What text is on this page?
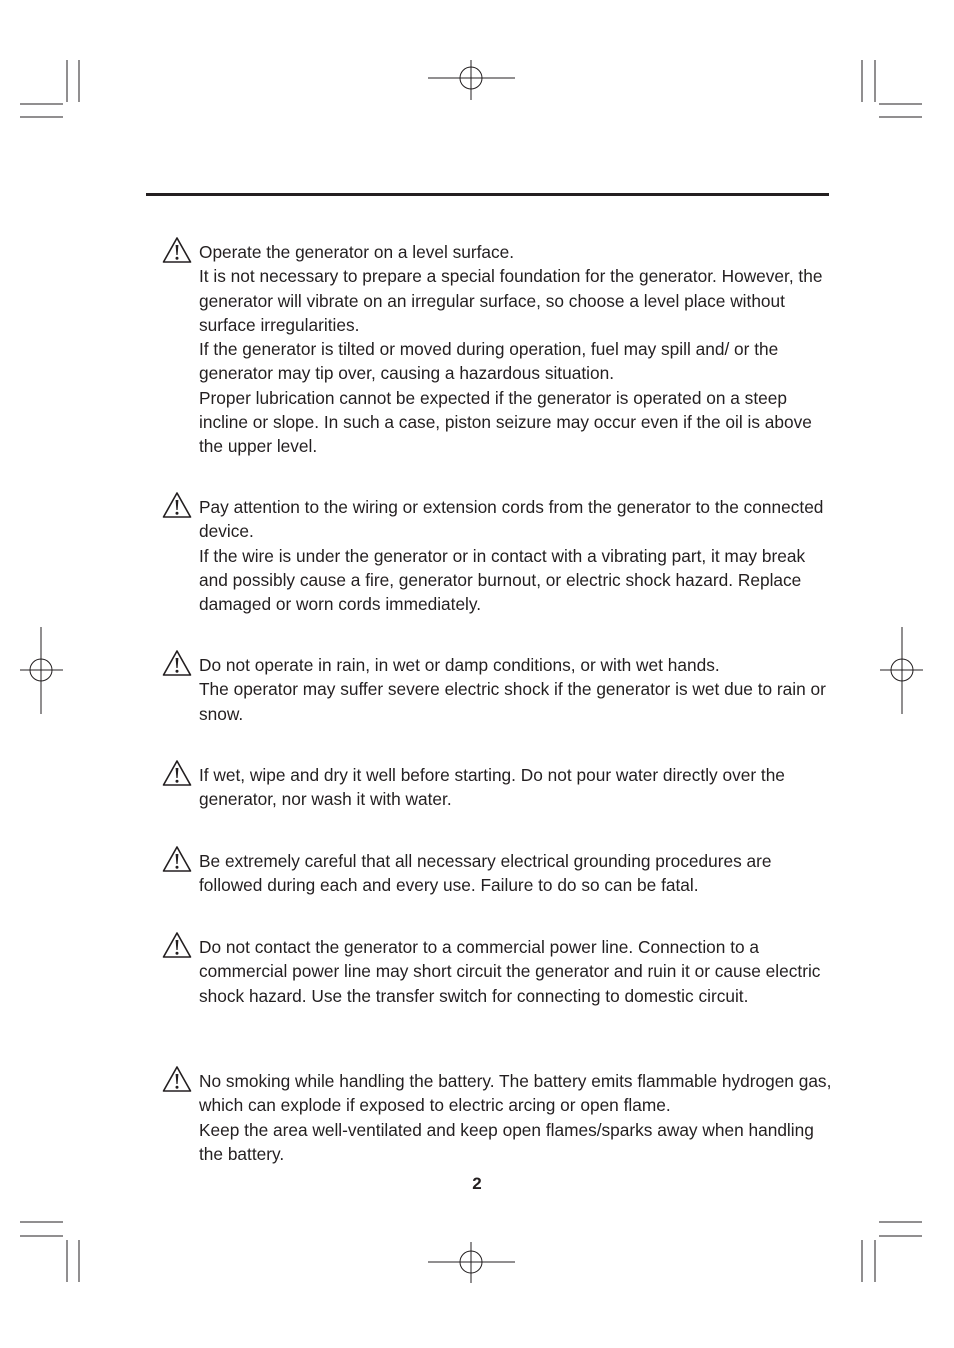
Operate the generator on a level surface.

It is not necessary to prepare a special foundation for the generator. However, the generator will vibrate on an irregular surface, so choose a level place without surface irregularities.

If the generator is tilted or moved during operation, fuel may spill and/ or the generator may tip over, causing a hazardous situation.

Proper lubrication cannot be expected if the generator is operated on a steep incline or slope. In such a case, piston seizure may occur even if the oil is above the upper level.

Pay attention to the wiring or extension cords from the generator to the connected device.

If the wire is under the generator or in contact with a vibrating part, it may break and possibly cause a fire, generator burnout, or electric shock hazard. Replace damaged or worn cords immediately.

Do not operate in rain, in wet or damp conditions, or with wet hands.

The operator may suffer severe electric shock if the generator is wet due to rain or snow.

If wet, wipe and dry it well before starting. Do not pour water directly over the generator, nor wash it with water.

Be extremely careful that all necessary electrical grounding procedures are followed during each and every use. Failure to do so can be fatal.

Do not contact the generator to a commercial power line. Connection to a commercial power line may short circuit the generator and ruin it or cause electric shock hazard. Use the transfer switch for connecting to domestic circuit.

No smoking while handling the battery. The battery emits flammable hydrogen gas, which can explode if exposed to electric arcing or open flame.

Keep the area well-ventilated and keep open flames/sparks away when handling the battery.

2
